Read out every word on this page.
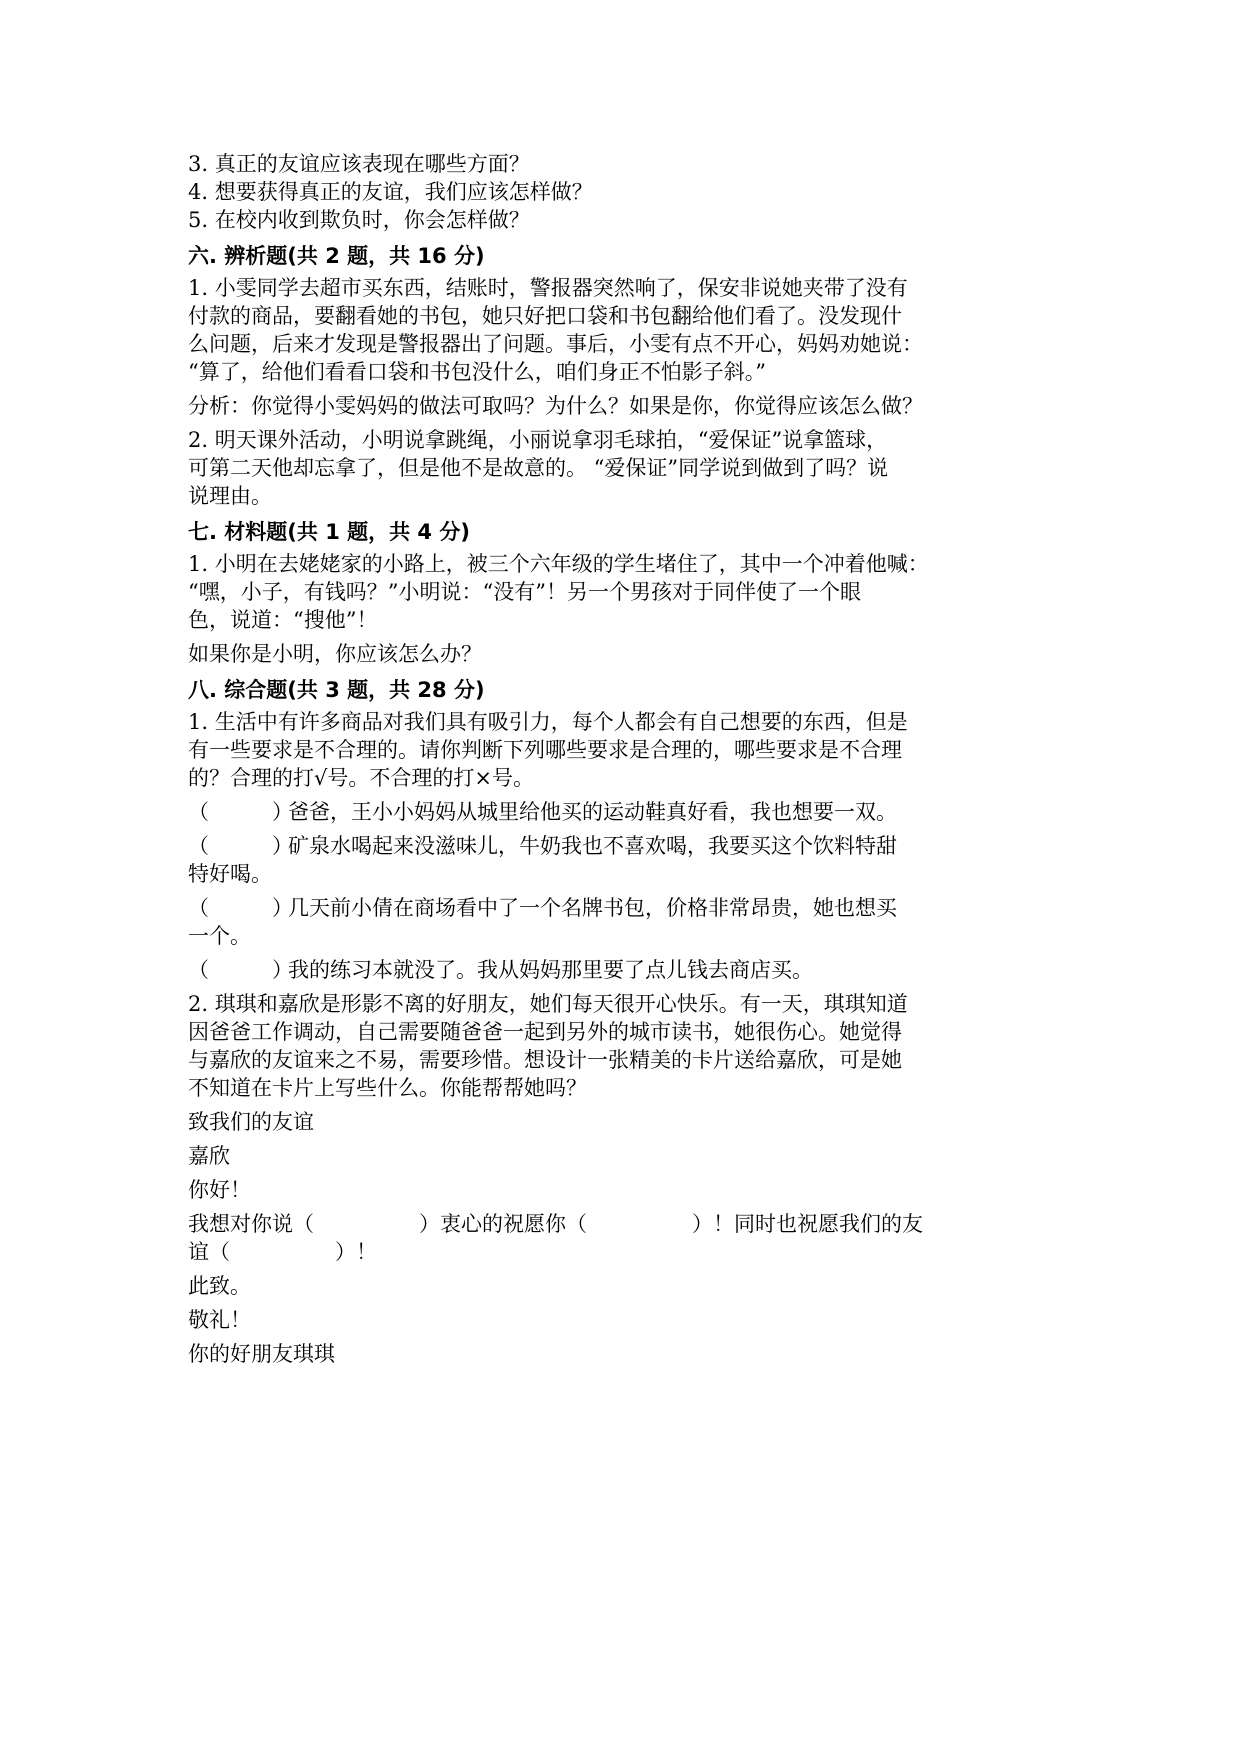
3. 真正的友谊应该表现在哪些方面？

4. 想要获得真正的友谊，我们应该怎样做？

5. 在校内收到欺负时，你会怎样做？

六. 辨析题(共 2 题，共 16 分)

1. 小雯同学去超市买东西，结账时，警报器突然响了，保安非说她夹带了没有

付款的商品，要翻看她的书包，她只好把口袋和书包翻给他们看了。没发现什

么问题，后来才发现是警报器出了问题。事后，小雯有点不开心，妈妈劝她说：

“算了，给他们看看口袋和书包没什么，咱们身正不怕影子斜。”

分析：你觉得小雯妈妈的做法可取吗？为什么？如果是你，你觉得应该怎么做？

2. 明天课外活动，小明说拿跳绳，小丽说拿羽毛球拍，“爱保证”说拿篮球，

可第二天他却忘拿了，但是他不是故意的。 “爱保证”同学说到做到了吗？说

说理由。

七. 材料题(共 1 题，共 4 分)

1. 小明在去姥姥家的小路上，被三个六年级的学生堵住了，其中一个冲着他喊：

“嘿，小子，有钱吗？”小明说：“没有”！另一个男孩对于同伴使了一个眼

色，说道：“搜他”！

如果你是小明，你应该怎么办？

八. 综合题(共 3 题，共 28 分)

1. 生活中有许多商品对我们具有吸引力，每个人都会有自己想要的东西，但是

有一些要求是不合理的。请你判断下列哪些要求是合理的，哪些要求是不合理

的？合理的打√号。不合理的打×号。

（　　　）爸爸，王小小妈妈从城里给他买的运动鞋真好看，我也想要一双。

（　　　）矿泉水喝起来没滋味儿，牛奶我也不喜欢喝，我要买这个饮料特甜

特好喝。

（　　　）几天前小倩在商场看中了一个名牌书包，价格非常昂贵，她也想买

一个。

（　　　）我的练习本就没了。我从妈妈那里要了点儿钱去商店买。

2. 琪琪和嘉欣是形影不离的好朋友，她们每天很开心快乐。有一天，琪琪知道

因爸爸工作调动，自己需要随爸爸一起到另外的城市读书，她很伤心。她觉得

与嘉欣的友谊来之不易，需要珍惜。想设计一张精美的卡片送给嘉欣，可是她

不知道在卡片上写些什么。你能帮帮她吗？

致我们的友谊

嘉欣

你好！

我想对你说（　　　　　）衷心的祝愿你（　　　　　）！同时也祝愿我们的友

谊（　　　　　）！

此致。

敬礼！

你的好朋友琪琪
